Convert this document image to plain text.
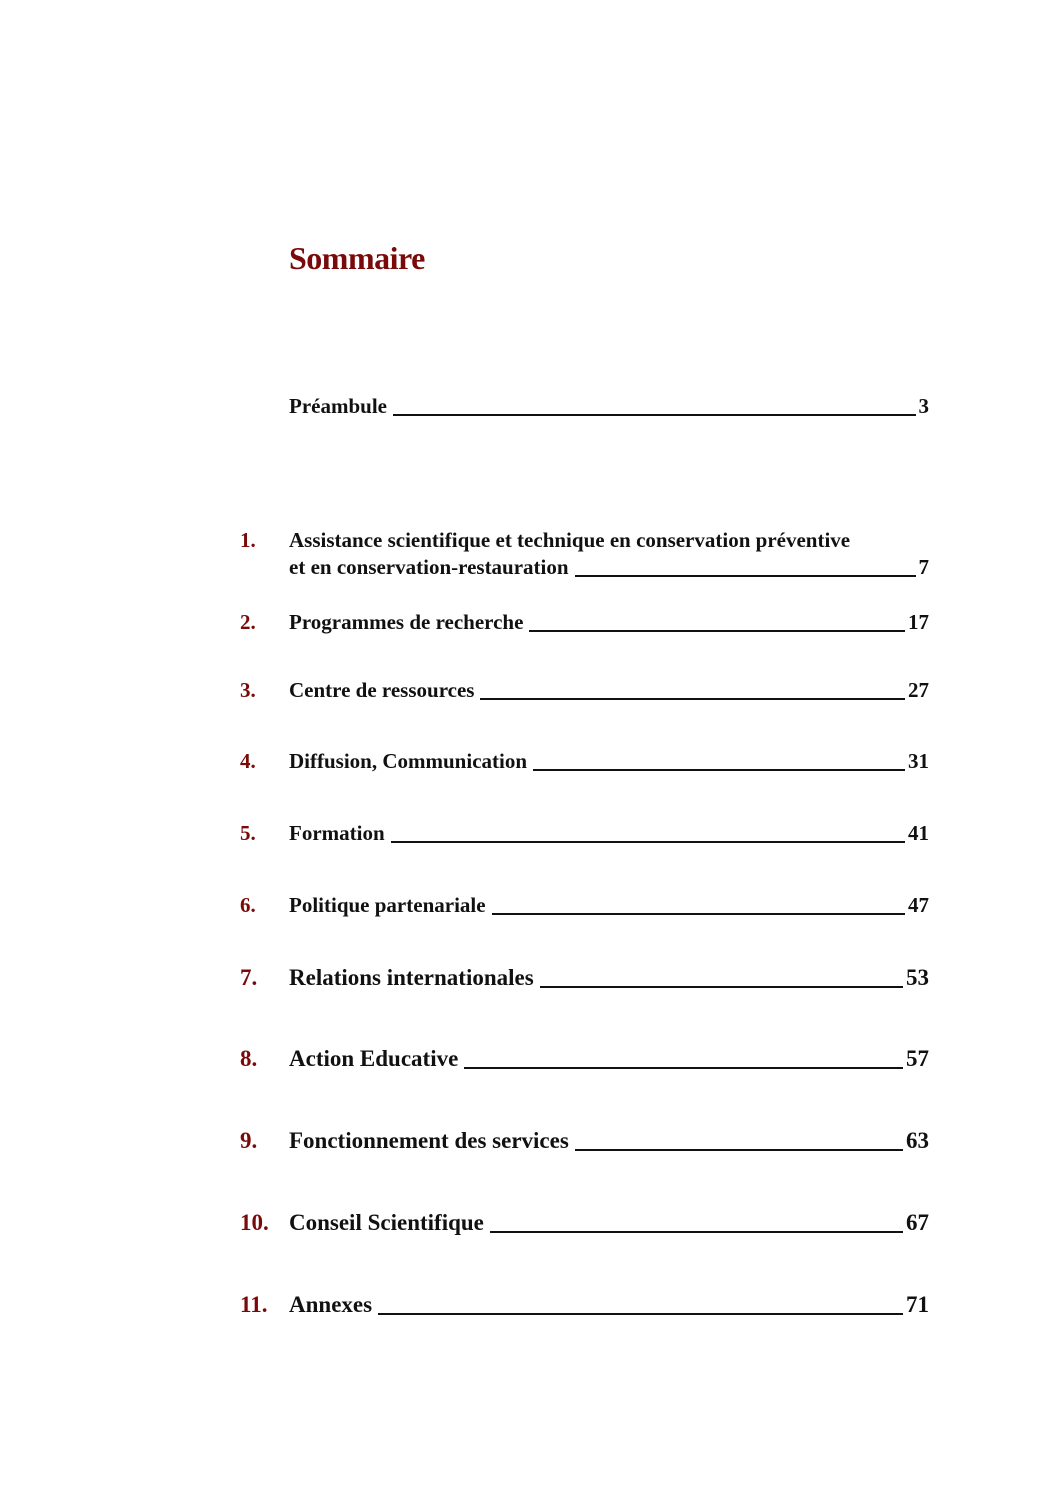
Sommaire
Préambule	3
1.	Assistance scientifique et technique en conservation préventive
et en conservation-restauration	7
2.	Programmes de recherche	17
3.	Centre de ressources	27
4.	Diffusion, Communication	31
5.	Formation	41
6.	Politique partenariale	47
7.	Relations internationales	53
8.	Action Educative	57
9.	Fonctionnement des services	63
10. Conseil Scientifique	67
11. Annexes	71
